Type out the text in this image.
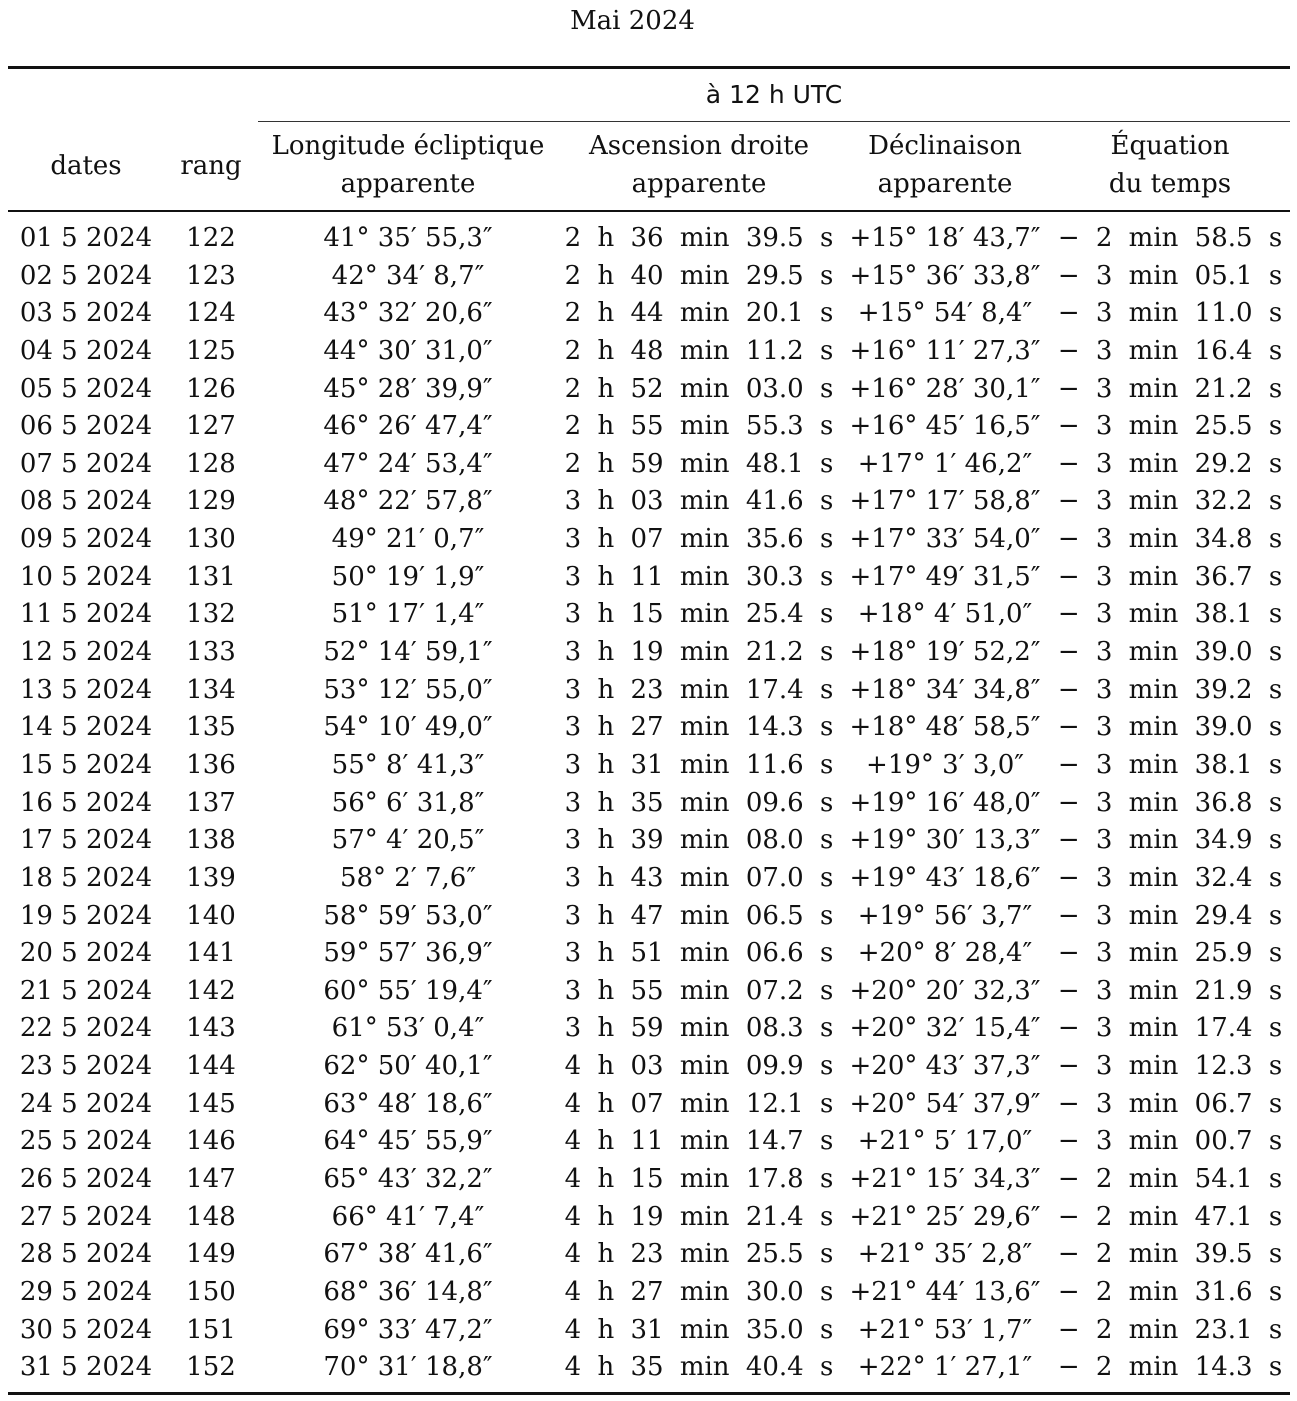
Mai 2024
à 12 h UTC
dates	rang
Longitude écliptique
apparente
Ascension droite
apparente
Déclinaison
apparente
Équation
du temps
01 5 2024	122	41° 35′ 55,3″	2 h 36 min 39.5 s +15° 18′ 43,7″ − 2 min 58.5 s
02 5 2024	123	42° 34′ 8,7″	2 h 40 min 29.5 s +15° 36′ 33,8″ − 3 min 05.1 s
03 5 2024	124	43° 32′ 20,6″	2 h 44 min 20.1 s +15° 54′ 8,4″ − 3 min 11.0 s
04 5 2024	125	44° 30′ 31,0″	2 h 48 min 11.2 s +16° 11′ 27,3″ − 3 min 16.4 s
05 5 2024	126	45° 28′ 39,9″	2 h 52 min 03.0 s +16° 28′ 30,1″ − 3 min 21.2 s
06 5 2024	127	46° 26′ 47,4″	2 h 55 min 55.3 s +16° 45′ 16,5″ − 3 min 25.5 s
07 5 2024	128	47° 24′ 53,4″	2 h 59 min 48.1 s +17° 1′ 46,2″ − 3 min 29.2 s
08 5 2024	129	48° 22′ 57,8″	3 h 03 min 41.6 s +17° 17′ 58,8″ − 3 min 32.2 s
09 5 2024	130	49° 21′ 0,7″	3 h 07 min 35.6 s +17° 33′ 54,0″ − 3 min 34.8 s
10 5 2024	131	50° 19′ 1,9″	3 h 11 min 30.3 s +17° 49′ 31,5″ − 3 min 36.7 s
11 5 2024	132	51° 17′ 1,4″	3 h 15 min 25.4 s +18° 4′ 51,0″ − 3 min 38.1 s
12 5 2024	133	52° 14′ 59,1″	3 h 19 min 21.2 s +18° 19′ 52,2″ − 3 min 39.0 s
13 5 2024	134	53° 12′ 55,0″	3 h 23 min 17.4 s +18° 34′ 34,8″ − 3 min 39.2 s
14 5 2024	135	54° 10′ 49,0″	3 h 27 min 14.3 s +18° 48′ 58,5″ − 3 min 39.0 s
15 5 2024	136	55° 8′ 41,3″	3 h 31 min 11.6 s	+19° 3′ 3,0″	− 3 min 38.1 s
16 5 2024	137	56° 6′ 31,8″	3 h 35 min 09.6 s +19° 16′ 48,0″ − 3 min 36.8 s
17 5 2024	138	57° 4′ 20,5″	3 h 39 min 08.0 s +19° 30′ 13,3″ − 3 min 34.9 s
18 5 2024	139	58° 2′ 7,6″	3 h 43 min 07.0 s +19° 43′ 18,6″ − 3 min 32.4 s
19 5 2024	140	58° 59′ 53,0″	3 h 47 min 06.5 s +19° 56′ 3,7″ − 3 min 29.4 s
20 5 2024	141	59° 57′ 36,9″	3 h 51 min 06.6 s +20° 8′ 28,4″ − 3 min 25.9 s
21 5 2024	142	60° 55′ 19,4″	3 h 55 min 07.2 s +20° 20′ 32,3″ − 3 min 21.9 s
22 5 2024	143	61° 53′ 0,4″	3 h 59 min 08.3 s +20° 32′ 15,4″ − 3 min 17.4 s
23 5 2024	144	62° 50′ 40,1″	4 h 03 min 09.9 s +20° 43′ 37,3″ − 3 min 12.3 s
24 5 2024	145	63° 48′ 18,6″	4 h 07 min 12.1 s +20° 54′ 37,9″ − 3 min 06.7 s
25 5 2024	146	64° 45′ 55,9″	4 h 11 min 14.7 s +21° 5′ 17,0″ − 3 min 00.7 s
26 5 2024	147	65° 43′ 32,2″	4 h 15 min 17.8 s +21° 15′ 34,3″ − 2 min 54.1 s
27 5 2024	148	66° 41′ 7,4″	4 h 19 min 21.4 s +21° 25′ 29,6″ − 2 min 47.1 s
28 5 2024	149	67° 38′ 41,6″	4 h 23 min 25.5 s +21° 35′ 2,8″ − 2 min 39.5 s
29 5 2024	150	68° 36′ 14,8″	4 h 27 min 30.0 s +21° 44′ 13,6″ − 2 min 31.6 s
30 5 2024	151	69° 33′ 47,2″	4 h 31 min 35.0 s +21° 53′ 1,7″ − 2 min 23.1 s
31 5 2024	152	70° 31′ 18,8″	4 h 35 min 40.4 s +22° 1′ 27,1″ − 2 min 14.3 s
